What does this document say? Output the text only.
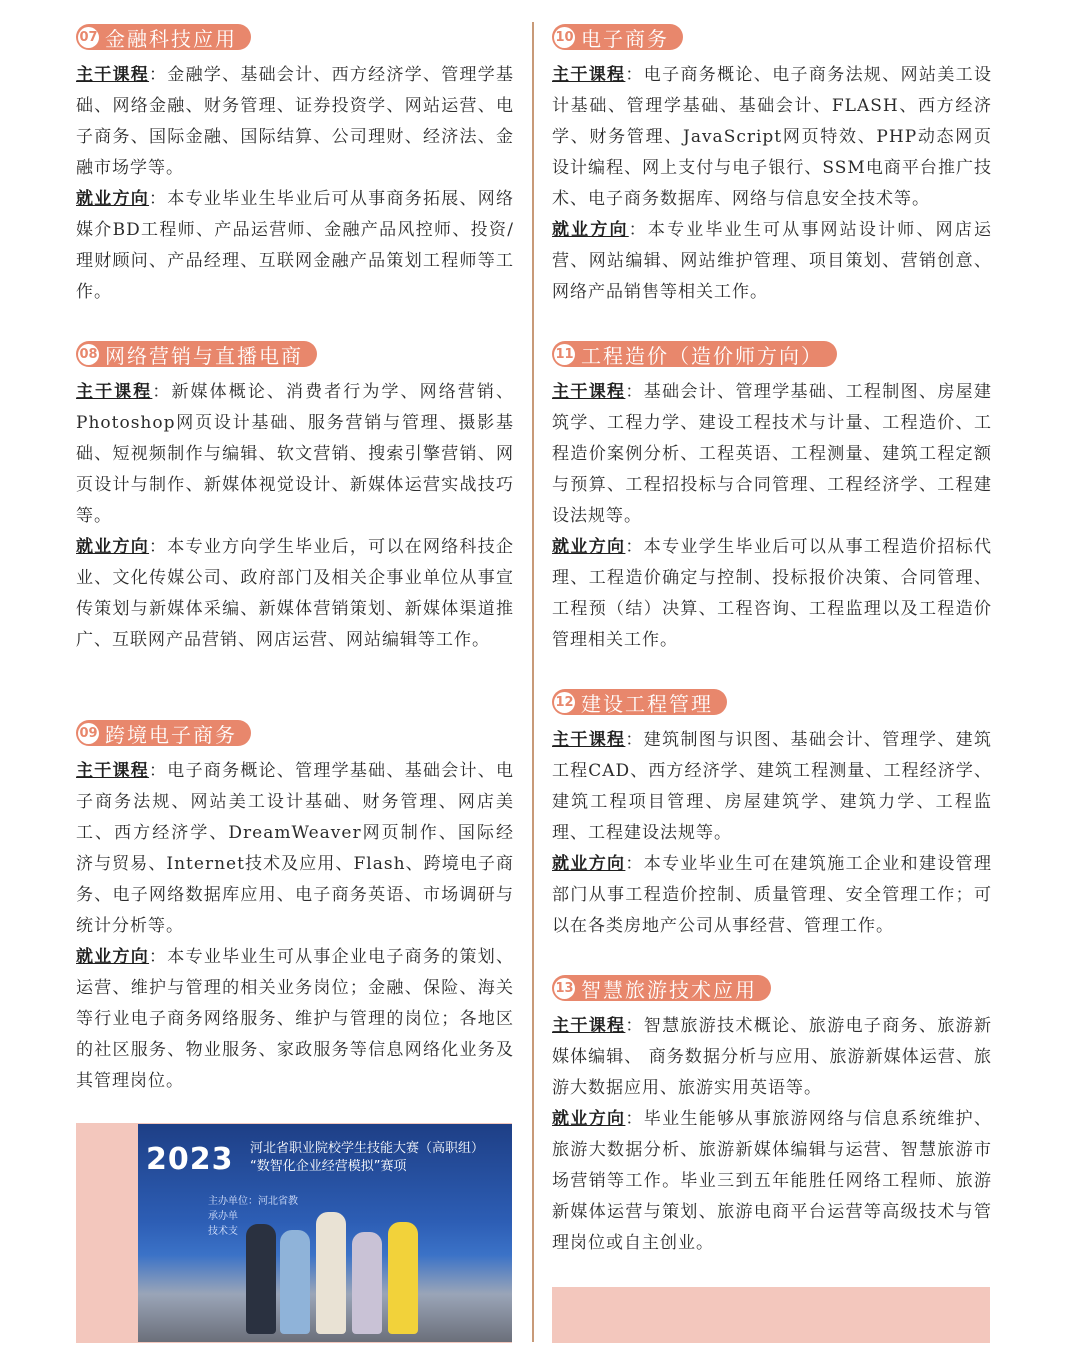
07 金融科技应用

主干课程：金融学、基础会计、西方经济学、管理学基础、网络金融、财务管理、证券投资学、网站运营、电子商务、国际金融、国际结算、公司理财、经济法、金融市场学等。

就业方向：本专业毕业生毕业后可从事商务拓展、网络媒介BD工程师、产品运营师、金融产品风控师、投资/理财顾问、产品经理、互联网金融产品策划工程师等工作。

08 网络营销与直播电商

主干课程：新媒体概论、消费者行为学、网络营销、Photoshop网页设计基础、服务营销与管理、摄影基础、短视频制作与编辑、软文营销、搜索引擎营销、网页设计与制作、新媒体视觉设计、新媒体运营实战技巧等。

就业方向：本专业方向学生毕业后，可以在网络科技企业、文化传媒公司、政府部门及相关企事业单位从事宣传策划与新媒体采编、新媒体营销策划、新媒体渠道推广、互联网产品营销、网店运营、网站编辑等工作。

09 跨境电子商务

主干课程：电子商务概论、管理学基础、基础会计、电子商务法规、网站美工设计基础、财务管理、网店美工、西方经济学、DreamWeaver网页制作、国际经济与贸易、Internet技术及应用、Flash、跨境电子商务、电子网络数据库应用、电子商务英语、市场调研与统计分析等。

就业方向：本专业毕业生可从事企业电子商务的策划、运营、维护与管理的相关业务岗位；金融、保险、海关等行业电子商务网络服务、维护与管理的岗位；各地区的社区服务、物业服务、家政服务等信息网络化业务及其管理岗位。

2023 河北省职业院校学生技能大赛（高职组）
“数智化企业经营模拟”赛项
主办单位：河北省教
承办单
技术支
10 电子商务

主干课程：电子商务概论、电子商务法规、网站美工设计基础、管理学基础、基础会计、FLASH、西方经济学、财务管理、JavaScript网页特效、PHP动态网页设计编程、网上支付与电子银行、SSM电商平台推广技术、电子商务数据库、网络与信息安全技术等。

就业方向：本专业毕业生可从事网站设计师、网店运营、网站编辑、网站维护管理、项目策划、营销创意、网络产品销售等相关工作。

11 工程造价（造价师方向）

主干课程：基础会计、管理学基础、工程制图、房屋建筑学、工程力学、建设工程技术与计量、工程造价、工程造价案例分析、工程英语、工程测量、建筑工程定额与预算、工程招投标与合同管理、工程经济学、工程建设法规等。

就业方向：本专业学生毕业后可以从事工程造价招标代理、工程造价确定与控制、投标报价决策、合同管理、工程预（结）决算、工程咨询、工程监理以及工程造价管理相关工作。

12 建设工程管理

主干课程：建筑制图与识图、基础会计、管理学、建筑工程CAD、西方经济学、建筑工程测量、工程经济学、建筑工程项目管理、房屋建筑学、建筑力学、工程监理、工程建设法规等。

就业方向：本专业毕业生可在建筑施工企业和建设管理部门从事工程造价控制、质量管理、安全管理工作；可以在各类房地产公司从事经营、管理工作。

13 智慧旅游技术应用

主干课程：智慧旅游技术概论、旅游电子商务、旅游新媒体编辑、 商务数据分析与应用、旅游新媒体运营、旅游大数据应用、旅游实用英语等。

就业方向：毕业生能够从事旅游网络与信息系统维护、旅游大数据分析、旅游新媒体编辑与运营、智慧旅游市场营销等工作。毕业三到五年能胜任网络工程师、旅游新媒体运营与策划、旅游电商平台运营等高级技术与管理岗位或自主创业。
